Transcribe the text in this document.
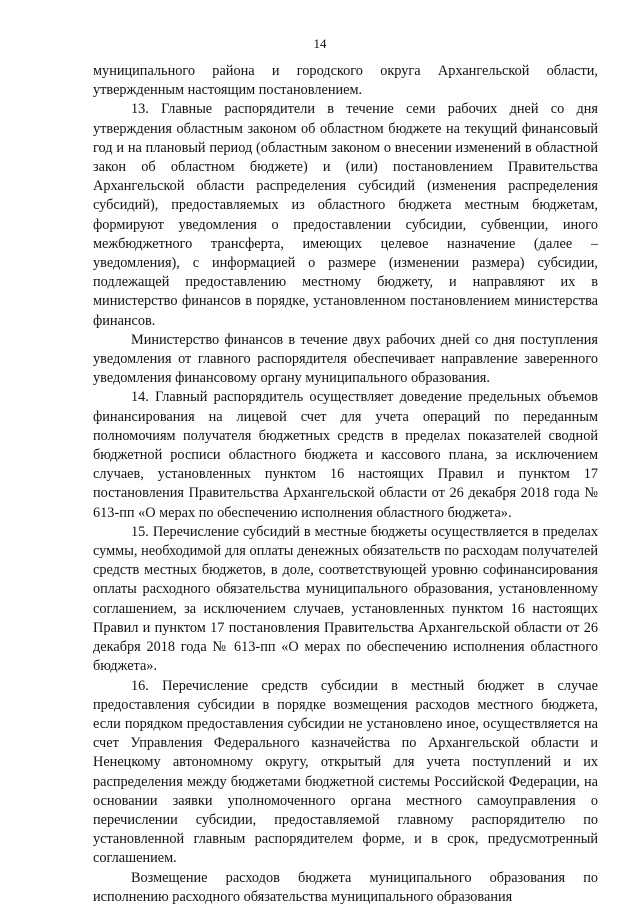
14

муниципального района и городского округа Архангельской области, утвержденным настоящим постановлением.

13. Главные распорядители в течение семи рабочих дней со дня утверждения областным законом об областном бюджете на текущий финансовый год и на плановый период (областным законом о внесении изменений в областной закон об областном бюджете) и (или) постановлением Правительства Архангельской области распределения субсидий (изменения распределения субсидий), предоставляемых из областного бюджета местным бюджетам, формируют уведомления о предоставлении субсидии, субвенции, иного межбюджетного трансферта, имеющих целевое назначение (далее – уведомления), с информацией о размере (изменении размера) субсидии, подлежащей предоставлению местному бюджету, и направляют их в министерство финансов в порядке, установленном постановлением министерства финансов.

Министерство финансов в течение двух рабочих дней со дня поступления уведомления от главного распорядителя обеспечивает направление заверенного уведомления финансовому органу муниципального образования.

14. Главный распорядитель осуществляет доведение предельных объемов финансирования на лицевой счет для учета операций по переданным полномочиям получателя бюджетных средств в пределах показателей сводной бюджетной росписи областного бюджета и кассового плана, за исключением случаев, установленных пунктом 16 настоящих Правил и пунктом 17 постановления Правительства Архангельской области от 26 декабря 2018 года № 613-пп «О мерах по обеспечению исполнения областного бюджета».

15. Перечисление субсидий в местные бюджеты осуществляется в пределах суммы, необходимой для оплаты денежных обязательств по расходам получателей средств местных бюджетов, в доле, соответствующей уровню софинансирования оплаты расходного обязательства муниципального образования, установленному соглашением, за исключением случаев, установленных пунктом 16 настоящих Правил и пунктом 17 постановления Правительства Архангельской области от 26 декабря 2018 года № 613-пп «О мерах по обеспечению исполнения областного бюджета».

16. Перечисление средств субсидии в местный бюджет в случае предоставления субсидии в порядке возмещения расходов местного бюджета, если порядком предоставления субсидии не установлено иное, осуществляется на счет Управления Федерального казначейства по Архангельской области и Ненецкому автономному округу, открытый для учета поступлений и их распределения между бюджетами бюджетной системы Российской Федерации, на основании заявки уполномоченного органа местного самоуправления о перечислении субсидии, предоставляемой главному распорядителю по установленной главным распорядителем форме, и в срок, предусмотренный соглашением.

Возмещение расходов бюджета муниципального образования по исполнению расходного обязательства муниципального образования
